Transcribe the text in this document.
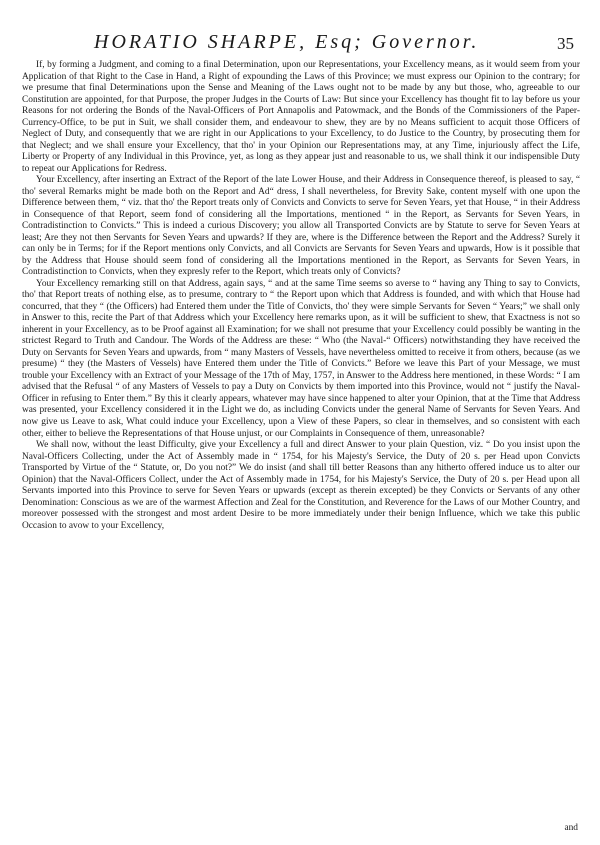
HORATIO SHARPE, Esq; Governor.	35

If, by forming a Judgment, and coming to a final Determination, upon our Representations, your Excellency means, as it would seem from your Application of that Right to the Case in Hand, a Right of expounding the Laws of this Province; we must express our Opinion to the contrary; for we presume that final Determinations upon the Sense and Meaning of the Laws ought not to be made by any but those, who, agreeable to our Constitution are appointed, for that Purpose, the proper Judges in the Courts of Law: But since your Excellency has thought fit to lay before us your Reasons for not ordering the Bonds of the Naval-Officers of Port Annapolis and Patowmack, and the Bonds of the Commissioners of the Paper-Currency-Office, to be put in Suit, we shall consider them, and endeavour to shew, they are by no Means sufficient to acquit those Officers of Neglect of Duty, and consequently that we are right in our Applications to your Excellency, to do Justice to the Country, by prosecuting them for that Neglect; and we shall ensure your Excellency, that tho' in your Opinion our Representations may, at any Time, injuriously affect the Life, Liberty or Property of any Individual in this Province, yet, as long as they appear just and reasonable to us, we shall think it our indispensible Duty to repeat our Applications for Redress.

Your Excellency, after inserting an Extract of the Report of the late Lower House, and their Address in Consequence thereof, is pleased to say, “ tho' several Remarks might be made both on the Report and Ad“ dress, I shall nevertheless, for Brevity Sake, content myself with one upon the Difference between them, “ viz. that tho' the Report treats only of Convicts and Convicts to serve for Seven Years, yet that House, “ in their Address in Consequence of that Report, seem fond of considering all the Importations, mentioned “ in the Report, as Servants for Seven Years, in Contradistinction to Convicts.” This is indeed a curious Discovery; you allow all Transported Convicts are by Statute to serve for Seven Years at least; Are they not then Servants for Seven Years and upwards? If they are, where is the Difference between the Report and the Address? Surely it can only be in Terms; for if the Report mentions only Convicts, and all Convicts are Servants for Seven Years and upwards, How is it possible that by the Address that House should seem fond of considering all the Importations mentioned in the Report, as Servants for Seven Years, in Contradistinction to Convicts, when they expresly refer to the Report, which treats only of Convicts?

Your Excellency remarking still on that Address, again says, “ and at the same Time seems so averse to “ having any Thing to say to Convicts, tho' that Report treats of nothing else, as to presume, contrary to “ the Report upon which that Address is founded, and with which that House had concurred, that they “ (the Officers) had Entered them under the Title of Convicts, tho' they were simple Servants for Seven “ Years;” we shall only in Answer to this, recite the Part of that Address which your Excellency here remarks upon, as it will be sufficient to shew, that Exactness is not so inherent in your Excellency, as to be Proof against all Examination; for we shall not presume that your Excellency could possibly be wanting in the strictest Regard to Truth and Candour. The Words of the Address are these: “ Who (the Naval-“ Officers) notwithstanding they have received the Duty on Servants for Seven Years and upwards, from “ many Masters of Vessels, have nevertheless omitted to receive it from others, because (as we presume) “ they (the Masters of Vessels) have Entered them under the Title of Convicts.” Before we leave this Part of your Message, we must trouble your Excellency with an Extract of your Message of the 17th of May, 1757, in Answer to the Address here mentioned, in these Words: “ I am advised that the Refusal “ of any Masters of Vessels to pay a Duty on Convicts by them imported into this Province, would not “ justify the Naval-Officer in refusing to Enter them.” By this it clearly appears, whatever may have since happened to alter your Opinion, that at the Time that Address was presented, your Excellency considered it in the Light we do, as including Convicts under the general Name of Servants for Seven Years. And now give us Leave to ask, What could induce your Excellency, upon a View of these Papers, so clear in themselves, and so consistent with each other, either to believe the Representations of that House unjust, or our Complaints in Consequence of them, unreasonable?

We shall now, without the least Difficulty, give your Excellency a full and direct Answer to your plain Question, viz. “ Do you insist upon the Naval-Officers Collecting, under the Act of Assembly made in “ 1754, for his Majesty's Service, the Duty of 20 s. per Head upon Convicts Transported by Virtue of the “ Statute, or, Do you not?” We do insist (and shall till better Reasons than any hitherto offered induce us to alter our Opinion) that the Naval-Officers Collect, under the Act of Assembly made in 1754, for his Majesty's Service, the Duty of 20 s. per Head upon all Servants imported into this Province to serve for Seven Years or upwards (except as therein excepted) be they Convicts or Servants of any other Denomination: Conscious as we are of the warmest Affection and Zeal for the Constitution, and Reverence for the Laws of our Mother Country, and moreover possessed with the strongest and most ardent Desire to be more immediately under their benign Influence, which we take this public Occasion to avow to your Excellency,

and
